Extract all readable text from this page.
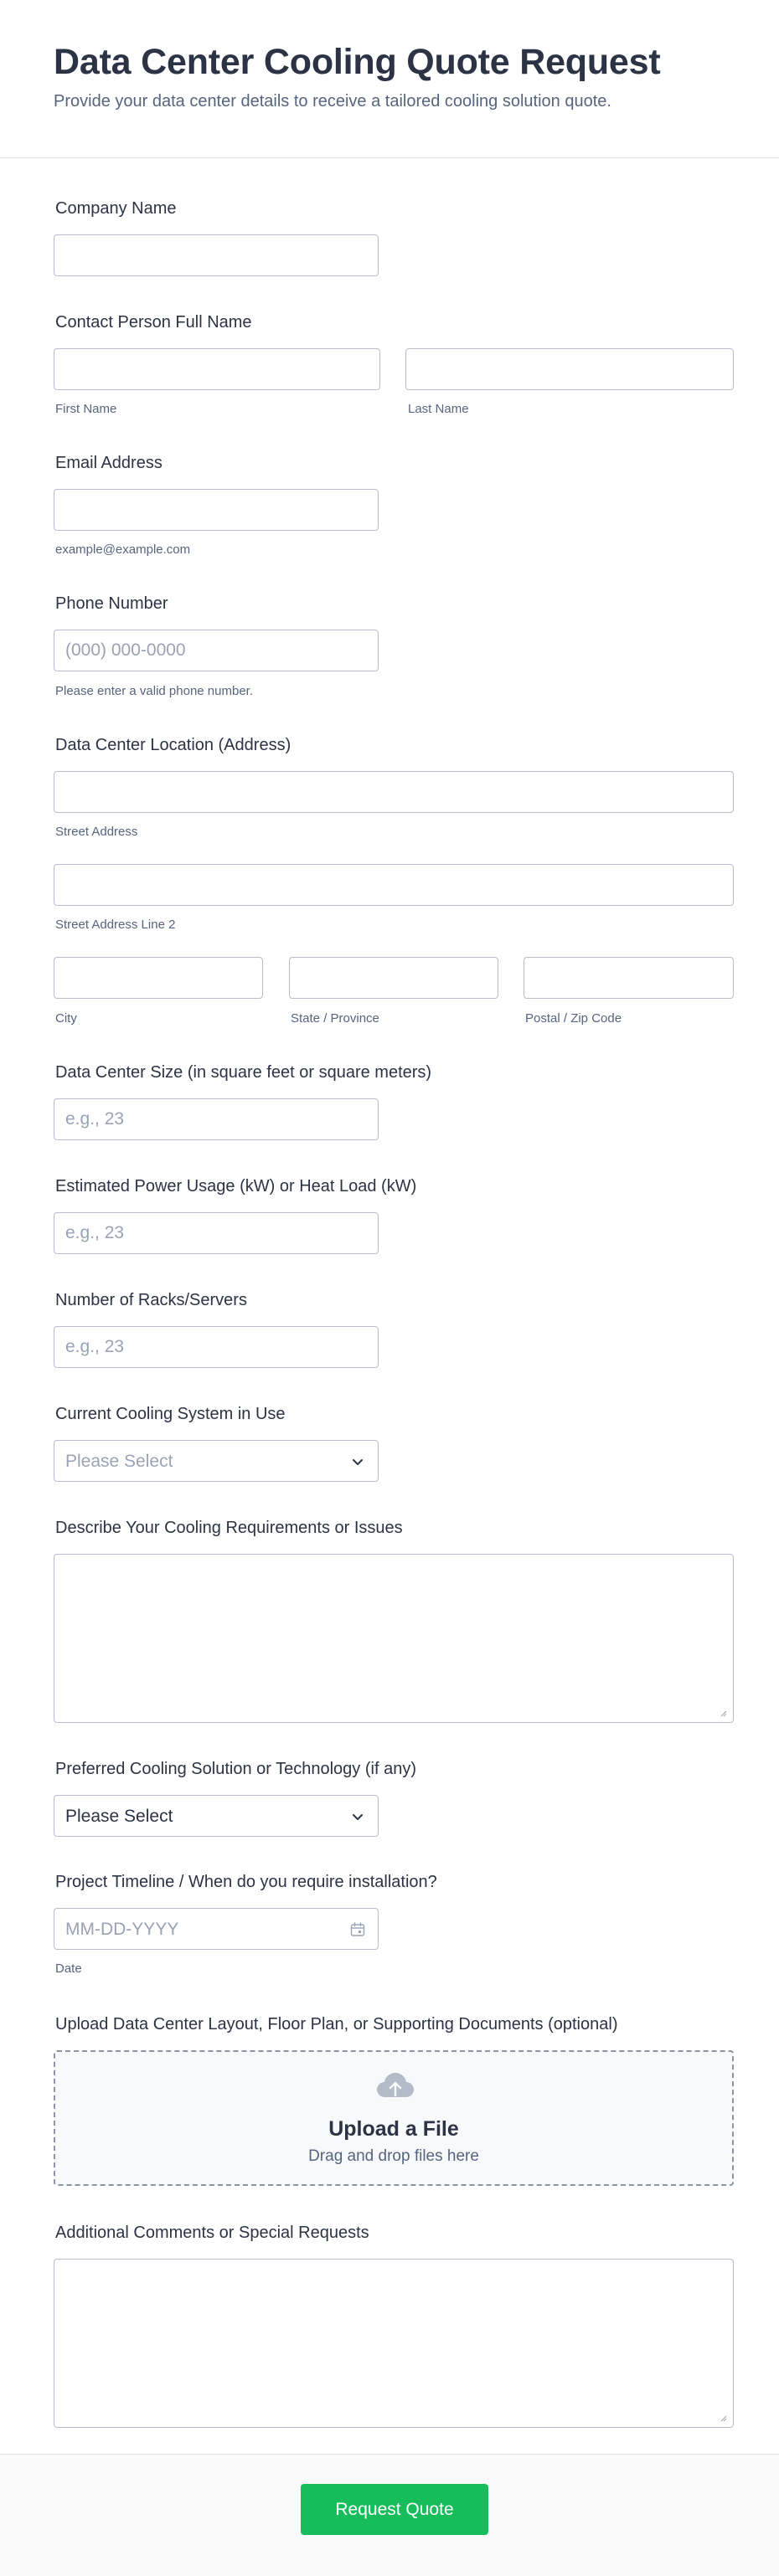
Data Center Cooling Quote Request
Provide your data center details to receive a tailored cooling solution quote.
Company Name
Contact Person Full Name
First Name	Last Name
Email Address
example@example.com
Phone Number
(000) 000-0000
Please enter a valid phone number.
Data Center Location (Address)
Street Address
Street Address Line 2
City	State / Province	Postal / Zip Code
Data Center Size (in square feet or square meters)
e.g., 23
Estimated Power Usage (kW) or Heat Load (kW)
e.g., 23
Number of Racks/Servers
e.g., 23
Current Cooling System in Use
Please Select
Describe Your Cooling Requirements or Issues
Preferred Cooling Solution or Technology (if any)
Please Select
Project Timeline / When do you require installation?
MM-DD-YYYY
Date
Upload Data Center Layout, Floor Plan, or Supporting Documents (optional)
Upload a File
Drag and drop files here
Additional Comments or Special Requests
Request Quote
